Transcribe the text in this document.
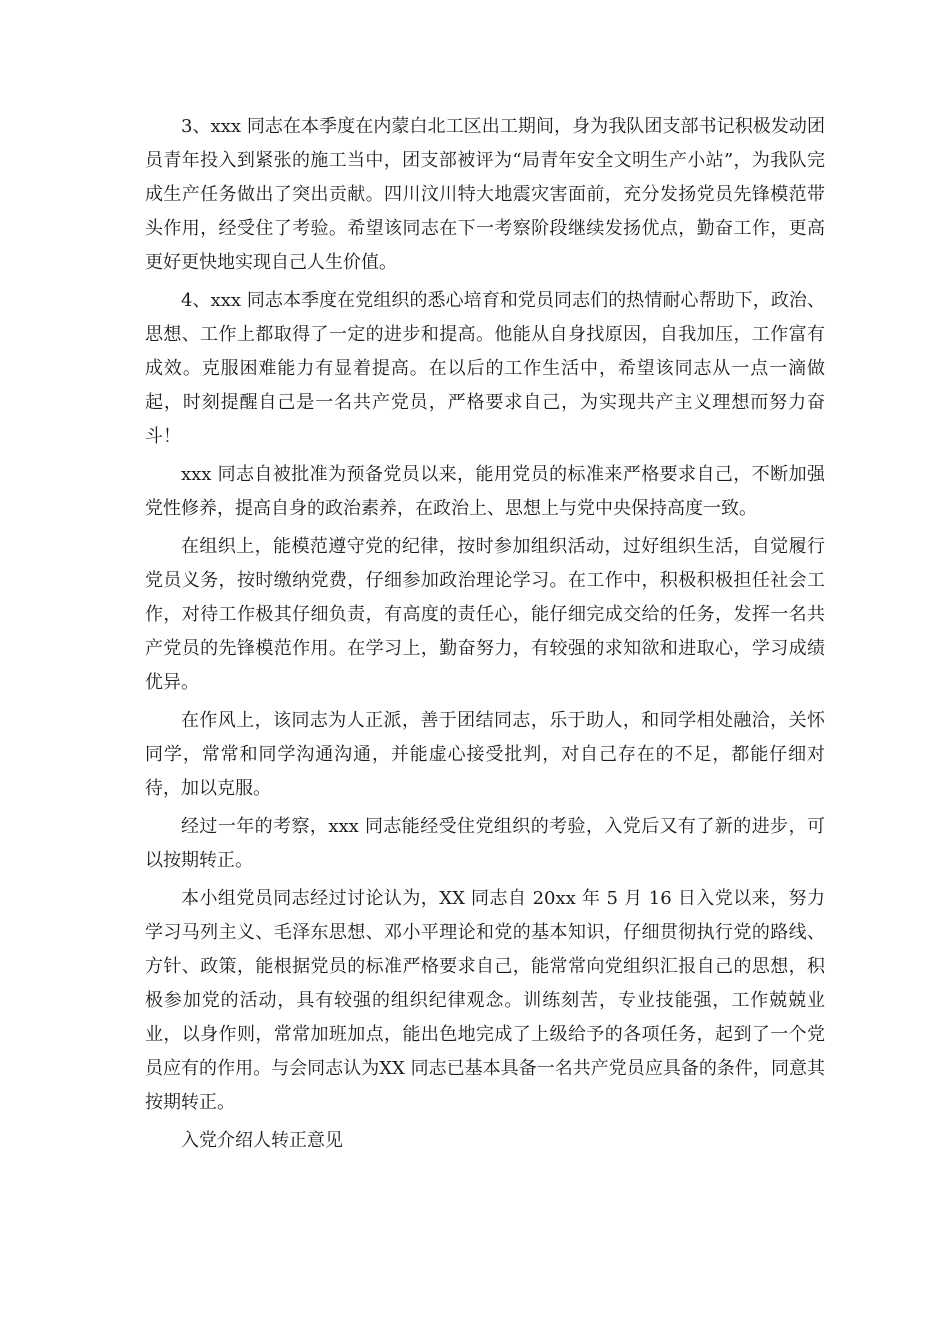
3、xxx 同志在本季度在内蒙白北工区出工期间，身为我队团支部书记积极发动团员青年投入到紧张的施工当中，团支部被评为“局青年安全文明生产小站”，为我队完成生产任务做出了突出贡献。四川汶川特大地震灾害面前，充分发扬党员先锋模范带头作用，经受住了考验。希望该同志在下一考察阶段继续发扬优点，勤奋工作，更高更好更快地实现自己人生价值。

4、xxx 同志本季度在党组织的悉心培育和党员同志们的热情耐心帮助下，政治、思想、工作上都取得了一定的进步和提高。他能从自身找原因，自我加压，工作富有成效。克服困难能力有显着提高。在以后的工作生活中，希望该同志从一点一滴做起，时刻提醒自己是一名共产党员，严格要求自己，为实现共产主义理想而努力奋斗！

xxx 同志自被批准为预备党员以来，能用党员的标准来严格要求自己，不断加强党性修养，提高自身的政治素养，在政治上、思想上与党中央保持高度一致。

在组织上，能模范遵守党的纪律，按时参加组织活动，过好组织生活，自觉履行党员义务，按时缴纳党费，仔细参加政治理论学习。在工作中，积极积极担任社会工作，对待工作极其仔细负责，有高度的责任心，能仔细完成交给的任务，发挥一名共产党员的先锋模范作用。在学习上，勤奋努力，有较强的求知欲和进取心，学习成绩优异。

在作风上，该同志为人正派，善于团结同志，乐于助人，和同学相处融洽，关怀同学，常常和同学沟通沟通，并能虚心接受批判，对自己存在的不足，都能仔细对待，加以克服。

经过一年的考察，xxx 同志能经受住党组织的考验，入党后又有了新的进步，可以按期转正。

本小组党员同志经过讨论认为，XX 同志自 20xx 年 5 月 16 日入党以来，努力学习马列主义、毛泽东思想、邓小平理论和党的基本知识，仔细贯彻执行党的路线、方针、政策，能根据党员的标准严格要求自己，能常常向党组织汇报自己的思想，积极参加党的活动，具有较强的组织纪律观念。训练刻苦，专业技能强，工作兢兢业业，以身作则，常常加班加点，能出色地完成了上级给予的各项任务，起到了一个党员应有的作用。与会同志认为XX 同志已基本具备一名共产党员应具备的条件，同意其按期转正。

入党介绍人转正意见
